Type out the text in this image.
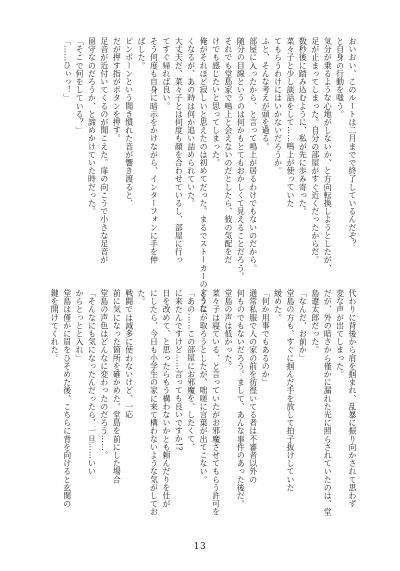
おいおい、このルートは二月までで終了しているんだぞ？
と自身の行動を嗤う。
気分が乗るような心地がしないか、と方向転換しようとしたが、
足が止まってしまった。自分の部屋がすぐ近くだったからだ。
数秒後に踏み込むように、私が先に歩み寄った。
菜々子と少し談話をして……鳴上が使っていた
てもらうわけにはいかないだろうか。
ふと、そんな考えが頭を過る。
部屋に入ったから、と言って鳴上が居るわけでもないのだから。
随分の目線というのは何かもとてもおかしくて見えることだろう。
それでも堂島家で鳴上と会えないのだとしたら、彼の気配をだ
けでも感じたいと思ってしまった。
俺がそれほど寂しいと思えたのは初めてだった。まるでストーカーのような、
くなるが、あの時は何か追い詰められていた。
大丈夫だ、菜々子とは何度も顔を合わせているし、部屋に行っ
てすぐ帰れば良い。
そう何度も自身に暗示をかけながら、インターフォンに手を伸
ばした。
ピンポーンという聞き慣れた音が響き渡ると、
だが押す指がボタンを押す。
足音が近付いてくるのが聞こえた。扉の向こうで小さな足音が
留守なのだろうか、と諦めかけていた時だった。
「そこで何をしている？」
「……ひぃっ！」
代わりに背後から肩を掴まれ、乱暴に振り向かされて思わず
変な声が出てしまった。
だが、外の暗さから僅かに漏れた光に照らされていたのは、堂
島遼太郎だった。
「なんだ、お前か」
堂島の方も、すぐに掴んだ手を放して拍子抜けしていた
緩めた。
「何か用事でもあるのか」
通常私服で人の家の前を彷徨いてる者は不審者以外の
何ものでもないだろう。まして、あんな事件のあった後だ。
堂島の声は低かった。
菜々子は寝ている、と言っていたがお邪魔させてもらう許可を
どうにか取ろうとしたが、咄嗟に言葉が出てこない。
「あの……この部屋にお邪魔を、したくて、
に来たんですけど……言っても良いですか!?
日を改めて、と思ったらもう構わないかとも頼んだりを仕が
にしたら、今日も小学生の家に来て構わないような気がしてお
た。
戦闘では減多に使わないけど、一応
前に気になった箇所を確かめた。堂島を前にした場合
堂島の声色はどんなに変わったのだろう……。
「そんなにも気になったんだったら、一旦……いい
からとっとと入れ」
堂島は僅かに眉をひそめた後、こちらに背を向けると玄関の
鍵を開けてくれた。
13
